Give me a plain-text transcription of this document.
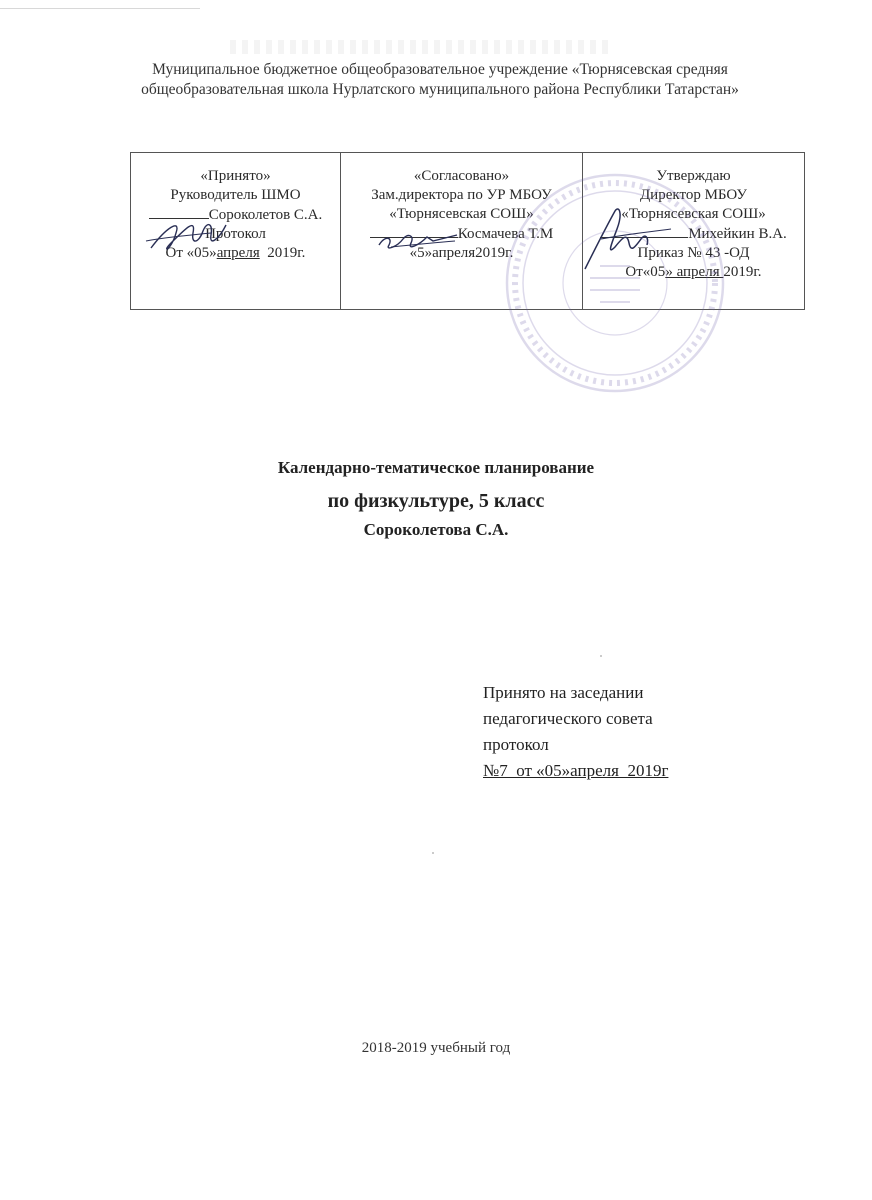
Муниципальное бюджетное общеобразовательное учреждение «Тюрнясевская средняя
общеобразовательная школа Нурлатского муниципального района Республики Татарстан»
«Принято»
Руководитель ШМО
Сороколетов С.А.
Протокол
От «05»апреля  2019г.

«Согласовано»
Зам.директора по УР МБОУ
«Тюрнясевская СОШ»
Космачева Т.М
«5»апреля2019г.

Утверждаю
Директор МБОУ
«Тюрнясевская СОШ»
Михейкин В.А.
Приказ № 43 -ОД
От«05» апреля 2019г.
Календарно-тематическое планирование
по физкультуре, 5 класс
Сороколетова С.А.
Принято на заседании
педагогического совета
протокол
№7  от «05»апреля  2019г
2018-2019 учебный год
